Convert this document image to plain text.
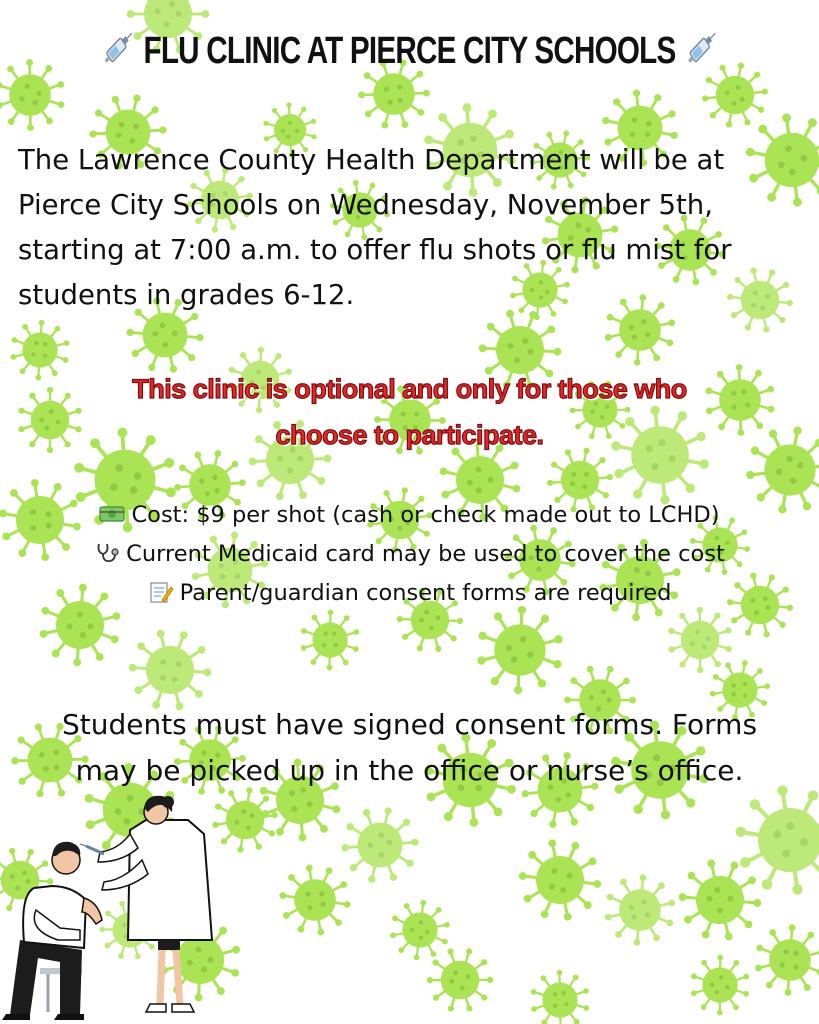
FLU CLINIC AT PIERCE CITY SCHOOLS
The Lawrence County Health Department will be at Pierce City Schools on Wednesday, November 5th, starting at 7:00 a.m. to offer flu shots or flu mist for students in grades 6-12.
This clinic is optional and only for those who
choose to participate.
Cost: $9 per shot (cash or check made out to LCHD)
Current Medicaid card may be used to cover the cost
Parent/guardian consent forms are required
Students must have signed consent forms. Forms
may be picked up in the office or nurse’s office.
